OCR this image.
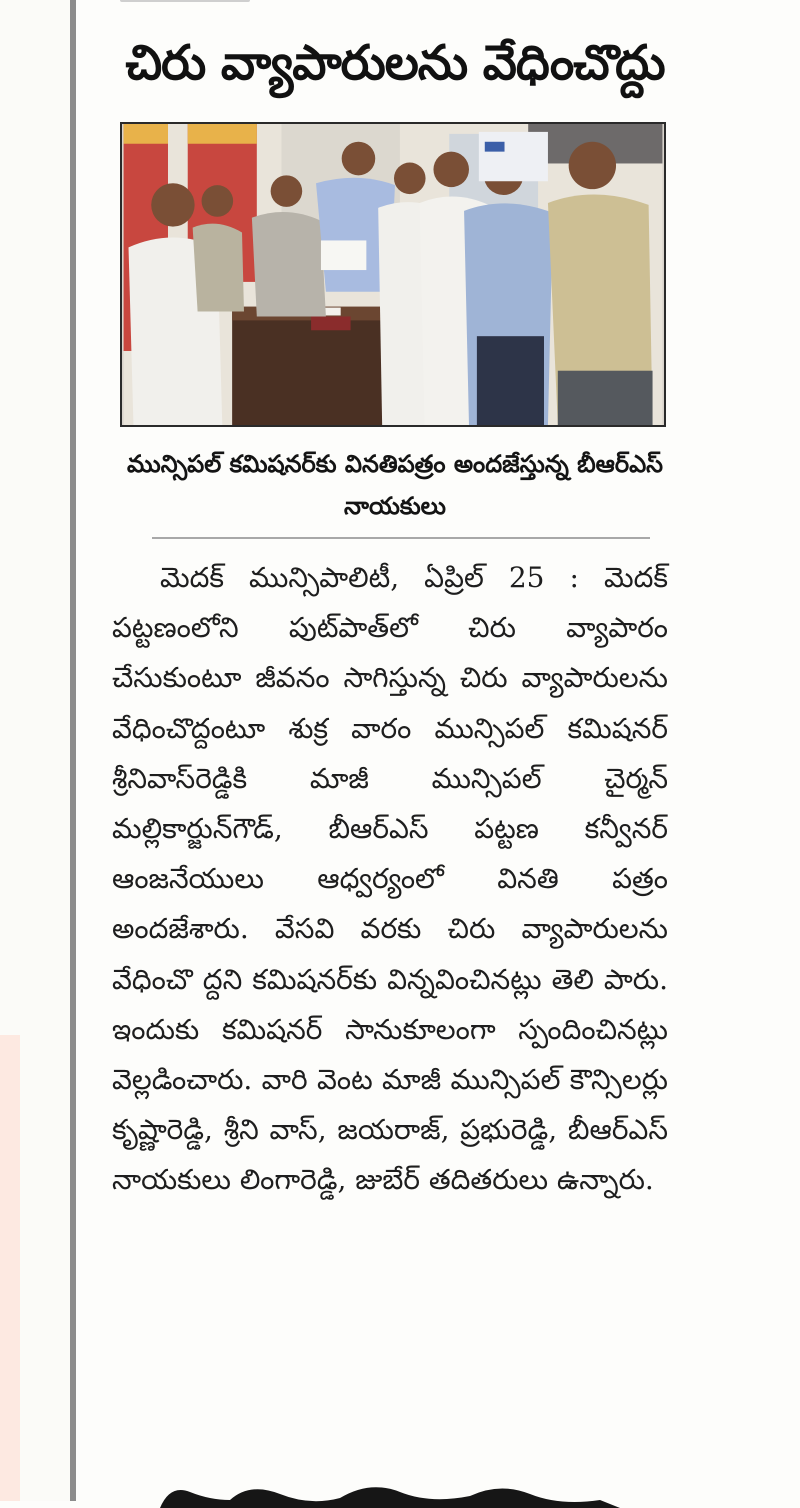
చిరు వ్యాపారులను వేధించొద్దు
మున్సిపల్ కమిషనర్‌కు వినతిపత్రం అందజేస్తున్న బీఆర్‌ఎస్ నాయకులు

మెదక్ మున్సిపాలిటీ, ఏప్రిల్ 25 : మెదక్ పట్టణంలోని పుట్‌పాత్‌లో చిరు వ్యాపారం చేసుకుంటూ జీవనం సాగిస్తున్న చిరు వ్యాపారులను వేధించొద్దంటూ శుక్ర వారం మున్సిపల్ కమిషనర్ శ్రీనివాస్‌రెడ్డికి మాజీ మున్సిపల్ చైర్మన్ మల్లికార్జున్‌గౌడ్, బీఆర్‌ఎస్ పట్టణ కన్వీనర్ ఆంజనేయులు ఆధ్వర్యంలో వినతి పత్రం అందజేశారు. వేసవి వరకు చిరు వ్యాపారులను వేధించొ ద్దని కమిషనర్‌కు విన్నవించినట్లు తెలి పారు. ఇందుకు కమిషనర్ సానుకూలంగా స్పందించినట్లు వెల్లడించారు. వారి వెంట మాజీ మున్సిపల్ కౌన్సిలర్లు కృష్ణారెడ్డి, శ్రీని వాస్, జయరాజ్, ప్రభురెడ్డి, బీఆర్‌ఎస్ నాయకులు లింగారెడ్డి, జుబేర్ తదితరులు ఉన్నారు.
